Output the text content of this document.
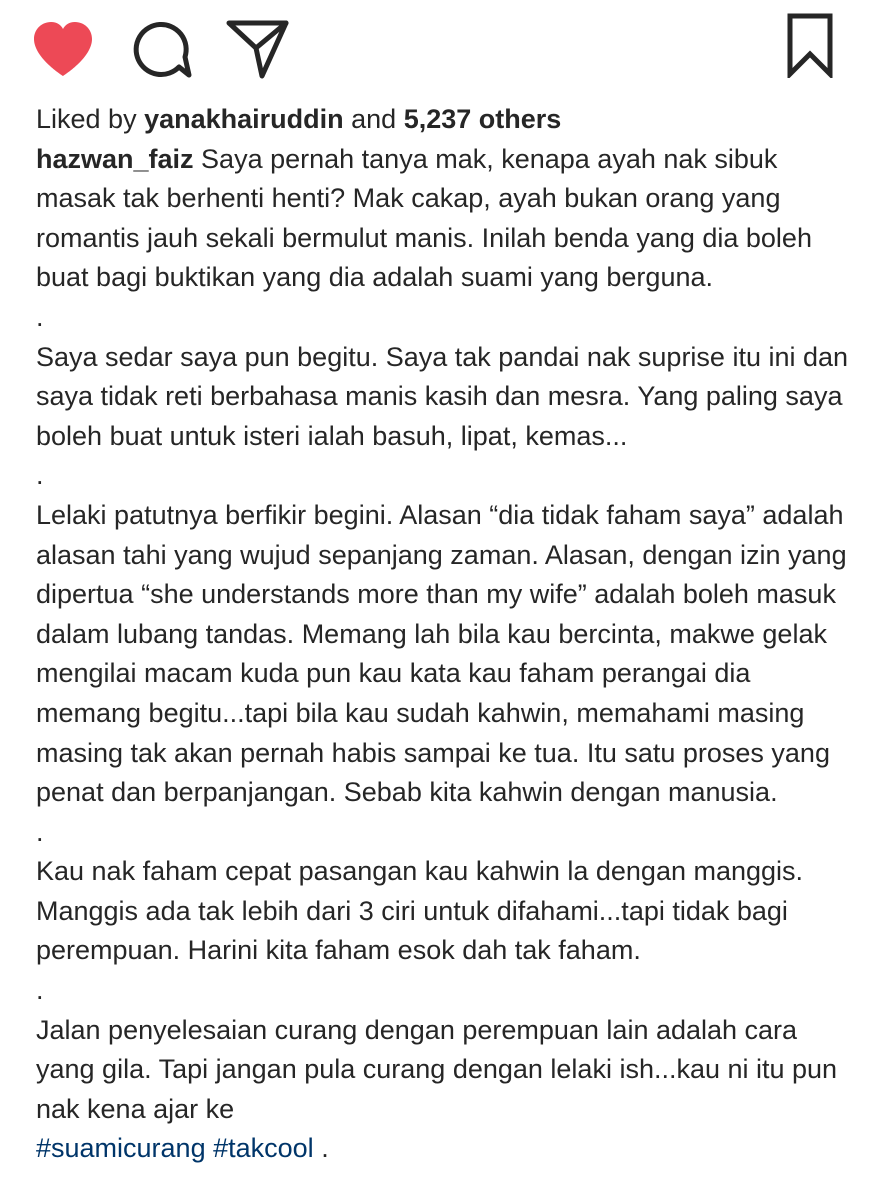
Liked by yanakhairuddin and 5,237 others

hazwan_faiz Saya pernah tanya mak, kenapa ayah nak sibuk masak tak berhenti henti? Mak cakap, ayah bukan orang yang romantis jauh sekali bermulut manis. Inilah benda yang dia boleh buat bagi buktikan yang dia adalah suami yang berguna.

.

Saya sedar saya pun begitu. Saya tak pandai nak suprise itu ini dan saya tidak reti berbahasa manis kasih dan mesra. Yang paling saya boleh buat untuk isteri ialah basuh, lipat, kemas...

.

Lelaki patutnya berfikir begini. Alasan “dia tidak faham saya” adalah alasan tahi yang wujud sepanjang zaman. Alasan, dengan izin yang dipertua “she understands more than my wife” adalah boleh masuk dalam lubang tandas. Memang lah bila kau bercinta, makwe gelak mengilai macam kuda pun kau kata kau faham perangai dia memang begitu...tapi bila kau sudah kahwin, memahami masing masing tak akan pernah habis sampai ke tua. Itu satu proses yang penat dan berpanjangan. Sebab kita kahwin dengan manusia.

.

Kau nak faham cepat pasangan kau kahwin la dengan manggis. Manggis ada tak lebih dari 3 ciri untuk difahami...tapi tidak bagi perempuan. Harini kita faham esok dah tak faham.

.

Jalan penyelesaian curang dengan perempuan lain adalah cara yang gila. Tapi jangan pula curang dengan lelaki ish...kau ni itu pun nak kena ajar ke

#suamicurang #takcool .
